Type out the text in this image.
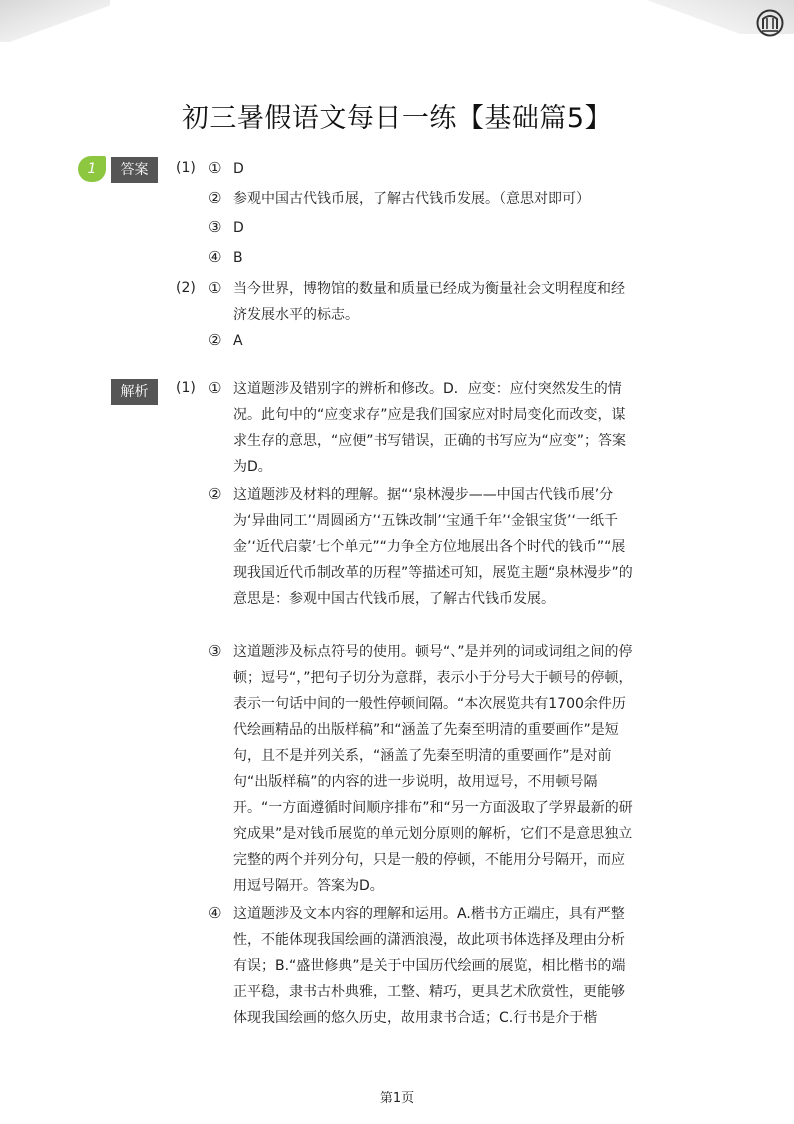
初三暑假语文每日一练【基础篇5】
1	答案	(1) ① D
② 参观中国古代钱币展，了解古代钱币发展。（意思对即可）
③ D
④ B
(2) ① 当今世界，博物馆的数量和质量已经成为衡量社会文明程度和经济发展水平的标志。
② A
解析	(1) ① 这道题涉及错别字的辨析和修改。D．应变：应付突然发生的情况。此句中的“应变求存”应是我们国家应对时局变化而改变，谋求生存的意思，“应便”书写错误，正确的书写应为“应变”；答案为D。
② 这道题涉及材料的理解。据“‘泉林漫步——中国古代钱币展’分为‘异曲同工’‘周圆函方’‘五铢改制’‘宝通千年’‘金银宝货’‘一纸千金’‘近代启蒙’七个单元”“力争全方位地展出各个时代的钱币”“展现我国近代币制改革的历程”等描述可知，展览主题“泉林漫步”的意思是：参观中国古代钱币展，了解古代钱币发展。
③ 这道题涉及标点符号的使用。顿号“、”是并列的词或词组之间的停顿；逗号“，”把句子切分为意群，表示小于分号大于顿号的停顿，表示一句话中间的一般性停顿间隔。“本次展览共有1700余件历代绘画精品的出版样稿”和“涵盖了先秦至明清的重要画作”是短句，且不是并列关系，“涵盖了先秦至明清的重要画作”是对前句“出版样稿”的内容的进一步说明，故用逗号，不用顿号隔开。“一方面遵循时间顺序排布”和“另一方面汲取了学界最新的研究成果”是对钱币展览的单元划分原则的解析，它们不是意思独立完整的两个并列分句，只是一般的停顿，不能用分号隔开，而应用逗号隔开。答案为D。
④ 这道题涉及文本内容的理解和运用。A.楷书方正端庄，具有严整性，不能体现我国绘画的潇洒浪漫，故此项书体选择及理由分析有误；B.“盛世修典”是关于中国历代绘画的展览，相比楷书的端正平稳，隶书古朴典雅，工整、精巧，更具艺术欣赏性，更能够体现我国绘画的悠久历史，故用隶书合适；C.行书是介于楷
第1页
